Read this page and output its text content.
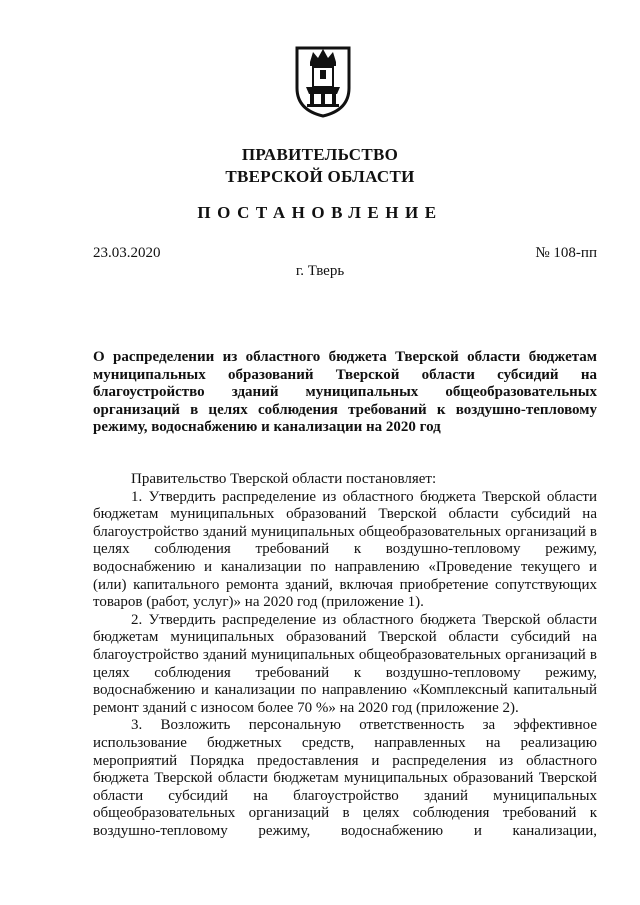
ПРАВИТЕЛЬСТВО
ТВЕРСКОЙ ОБЛАСТИ
ПОСТАНОВЛЕНИЕ
23.03.2020	№ 108-пп
г. Тверь
О распределении из областного бюджета Тверской области бюджетам муниципальных образований Тверской области субсидий на благоустройство зданий муниципальных общеобразовательных организаций в целях соблюдения требований к воздушно-тепловому режиму, водоснабжению и канализации на 2020 год

Правительство Тверской области постановляет:

1. Утвердить распределение из областного бюджета Тверской области бюджетам муниципальных образований Тверской области субсидий на благоустройство зданий муниципальных общеобразовательных организаций в целях соблюдения требований к воздушно-тепловому режиму, водоснабжению и канализации по направлению «Проведение текущего и (или) капитального ремонта зданий, включая приобретение сопутствующих товаров (работ, услуг)» на 2020 год (приложение 1).

2. Утвердить распределение из областного бюджета Тверской области бюджетам муниципальных образований Тверской области субсидий на благоустройство зданий муниципальных общеобразовательных организаций в целях соблюдения требований к воздушно-тепловому режиму, водоснабжению и канализации по направлению «Комплексный капитальный ремонт зданий с износом более 70 %» на 2020 год (приложение 2).

3. Возложить персональную ответственность за эффективное использование бюджетных средств, направленных на реализацию мероприятий Порядка предоставления и распределения из областного бюджета Тверской области бюджетам муниципальных образований Тверской области субсидий на благоустройство зданий муниципальных общеобразовательных организаций в целях соблюдения требований к воздушно-тепловому режиму, водоснабжению и канализации,
